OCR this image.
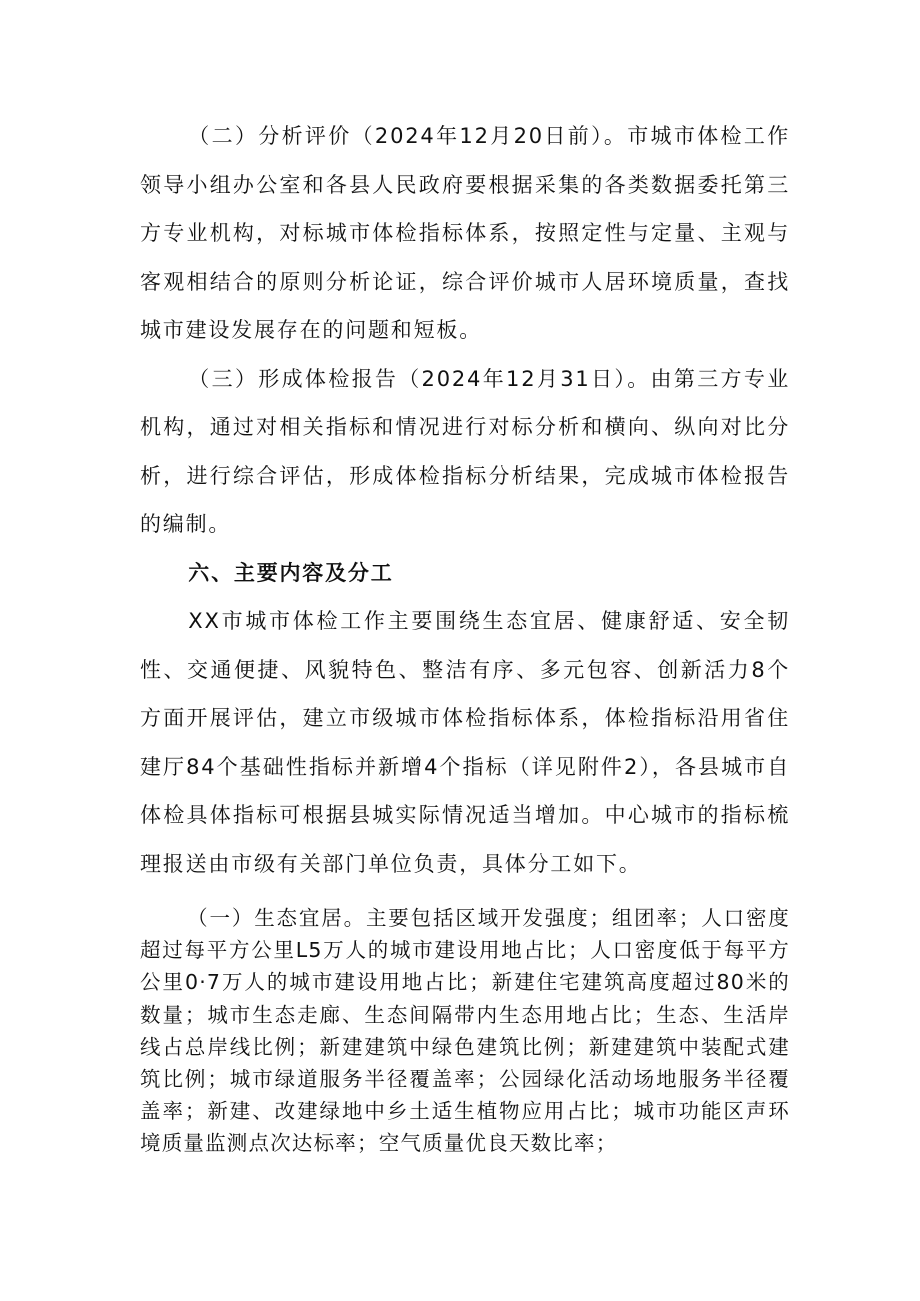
（二）分析评价（2024年12月20日前）。市城市体检工作领导小组办公室和各县人民政府要根据采集的各类数据委托第三方专业机构，对标城市体检指标体系，按照定性与定量、主观与客观相结合的原则分析论证，综合评价城市人居环境质量，查找城市建设发展存在的问题和短板。

（三）形成体检报告（2024年12月31日）。由第三方专业机构，通过对相关指标和情况进行对标分析和横向、纵向对比分析，进行综合评估，形成体检指标分析结果，完成城市体检报告的编制。

六、主要内容及分工

XX市城市体检工作主要围绕生态宜居、健康舒适、安全韧性、交通便捷、风貌特色、整洁有序、多元包容、创新活力8个方面开展评估，建立市级城市体检指标体系，体检指标沿用省住建厅84个基础性指标并新增4个指标（详见附件2），各县城市自体检具体指标可根据县城实际情况适当增加。中心城市的指标梳理报送由市级有关部门单位负责，具体分工如下。

（一）生态宜居。主要包括区域开发强度；组团率；人口密度超过每平方公里L5万人的城市建设用地占比；人口密度低于每平方公里0·7万人的城市建设用地占比；新建住宅建筑高度超过80米的数量；城市生态走廊、生态间隔带内生态用地占比；生态、生活岸线占总岸线比例；新建建筑中绿色建筑比例；新建建筑中装配式建筑比例；城市绿道服务半径覆盖率；公园绿化活动场地服务半径覆盖率；新建、改建绿地中乡土适生植物应用占比；城市功能区声环境质量监测点次达标率；空气质量优良天数比率；
